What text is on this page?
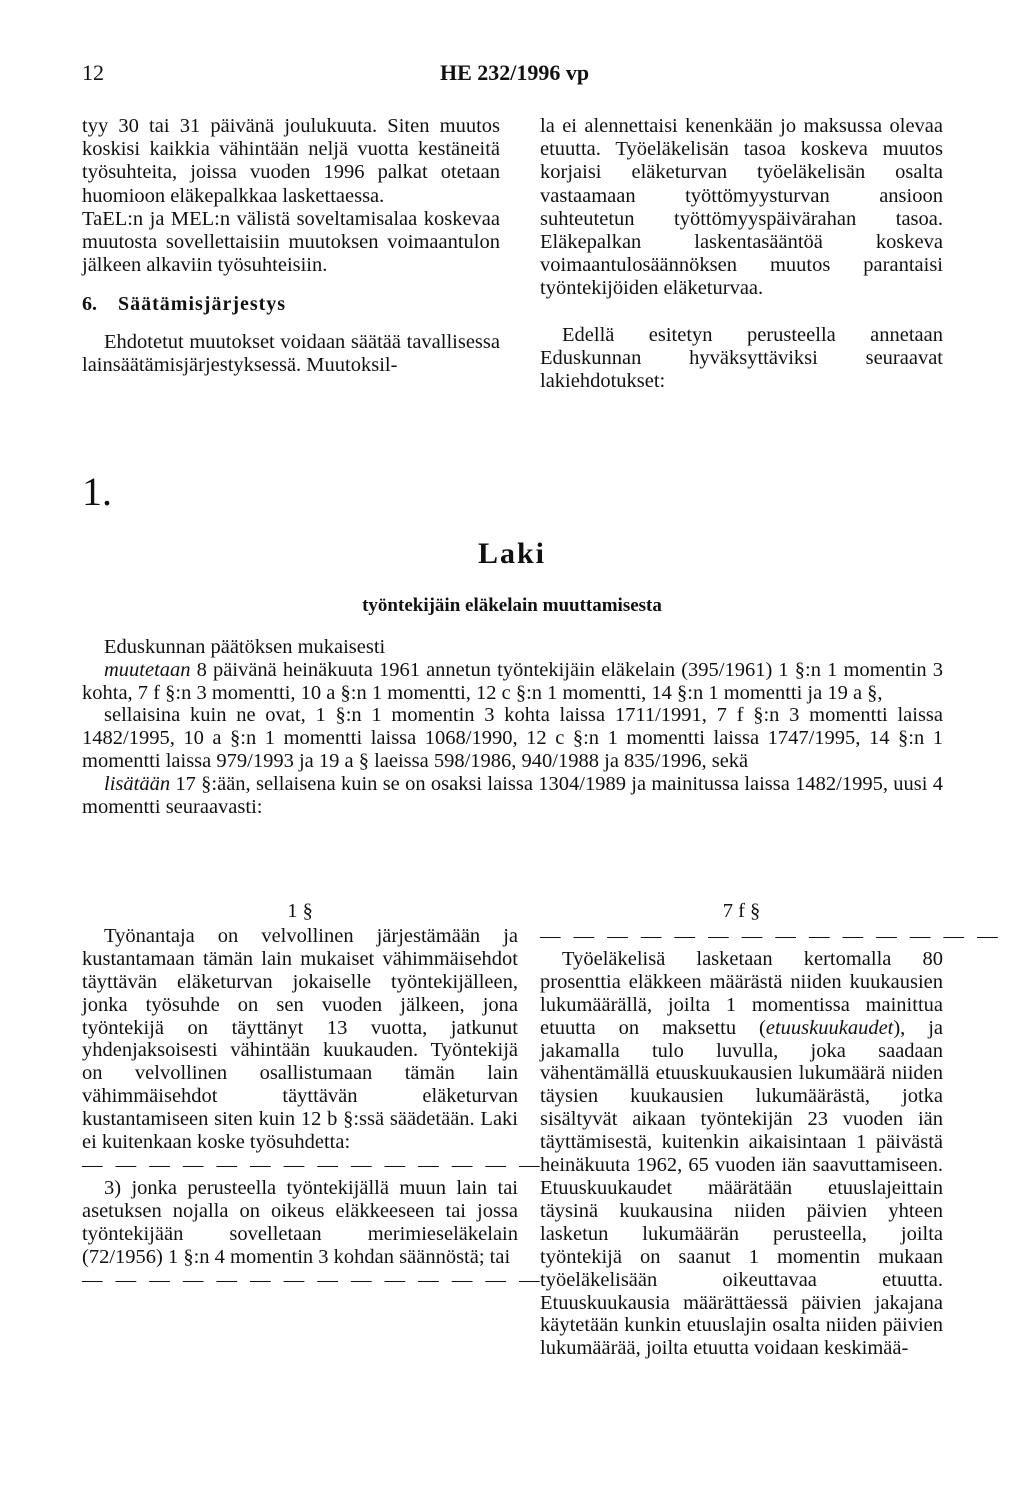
12	HE 232/1996 vp

tyy 30 tai 31 päivänä joulukuuta. Siten muutos koskisi kaikkia vähintään neljä vuotta kestäneitä työsuhteita, joissa vuoden 1996 palkat otetaan huomioon eläkepalkkaa laskettaessa.

TaEL:n ja MEL:n välistä soveltamisalaa koskevaa muutosta sovellettaisiin muutoksen voimaantulon jälkeen alkaviin työsuhteisiin.

6. Säätämisjärjestys

Ehdotetut muutokset voidaan säätää tavallisessa lainsäätämisjärjestyksessä. Muutoksil-

la ei alennettaisi kenenkään jo maksussa olevaa etuutta. Työeläkelisän tasoa koskeva muutos korjaisi eläketurvan työeläkelisän osalta vastaamaan työttömyysturvan ansioon suhteutetun työttömyyspäivärahan tasoa. Eläkepalkan laskentasääntöä koskeva voimaantulosäännöksen muutos parantaisi työntekijöiden eläketurvaa.

Edellä esitetyn perusteella annetaan Eduskunnan hyväksyttäviksi seuraavat lakiehdotukset:

1.
Laki
työntekijäin eläkelain muuttamisesta

Eduskunnan päätöksen mukaisesti

muutetaan 8 päivänä heinäkuuta 1961 annetun työntekijäin eläkelain (395/1961) 1 §:n 1 momentin 3 kohta, 7 f §:n 3 momentti, 10 a §:n 1 momentti, 12 c §:n 1 momentti, 14 §:n 1 momentti ja 19 a §,

sellaisina kuin ne ovat, 1 §:n 1 momentin 3 kohta laissa 1711/1991, 7 f §:n 3 momentti laissa 1482/1995, 10 a §:n 1 momentti laissa 1068/1990, 12 c §:n 1 momentti laissa 1747/1995, 14 §:n 1 momentti laissa 979/1993 ja 19 a § laeissa 598/1986, 940/1988 ja 835/1996, sekä

lisätään 17 §:ään, sellaisena kuin se on osaksi laissa 1304/1989 ja mainitussa laissa 1482/1995, uusi 4 momentti seuraavasti:

1 §

Työnantaja on velvollinen järjestämään ja kustantamaan tämän lain mukaiset vähimmäisehdot täyttävän eläketurvan jokaiselle työntekijälleen, jonka työsuhde on sen vuoden jälkeen, jona työntekijä on täyttänyt 13 vuotta, jatkunut yhdenjaksoisesti vähintään kuukauden. Työntekijä on velvollinen osallistumaan tämän lain vähimmäisehdot täyttävän eläketurvan kustantamiseen siten kuin 12 b §:ssä säädetään. Laki ei kuitenkaan koske työsuhdetta:

— — — — — — — — — — — — — —

3) jonka perusteella työntekijällä muun lain tai asetuksen nojalla on oikeus eläkkeeseen tai jossa työntekijään sovelletaan merimieseläkelain (72/1956) 1 §:n 4 momentin 3 kohdan säännöstä; tai

— — — — — — — — — — — — — —

7 f §

— — — — — — — — — — — — — —

Työeläkelisä lasketaan kertomalla 80 prosenttia eläkkeen määrästä niiden kuukausien lukumäärällä, joilta 1 momentissa mainittua etuutta on maksettu (etuuskuukaudet), ja jakamalla tulo luvulla, joka saadaan vähentämällä etuuskuukausien lukumäärä niiden täysien kuukausien lukumäärästä, jotka sisältyvät aikaan työntekijän 23 vuoden iän täyttämisestä, kuitenkin aikaisintaan 1 päivästä heinäkuuta 1962, 65 vuoden iän saavuttamiseen. Etuuskuukaudet määrätään etuuslajeittain täysinä kuukausina niiden päivien yhteen lasketun lukumäärän perusteella, joilta työntekijä on saanut 1 momentin mukaan työeläkelisään oikeuttavaa etuutta. Etuuskuukausia määrättäessä päivien jakajana käytetään kunkin etuuslajin osalta niiden päivien lukumäärää, joilta etuutta voidaan keskimää-
